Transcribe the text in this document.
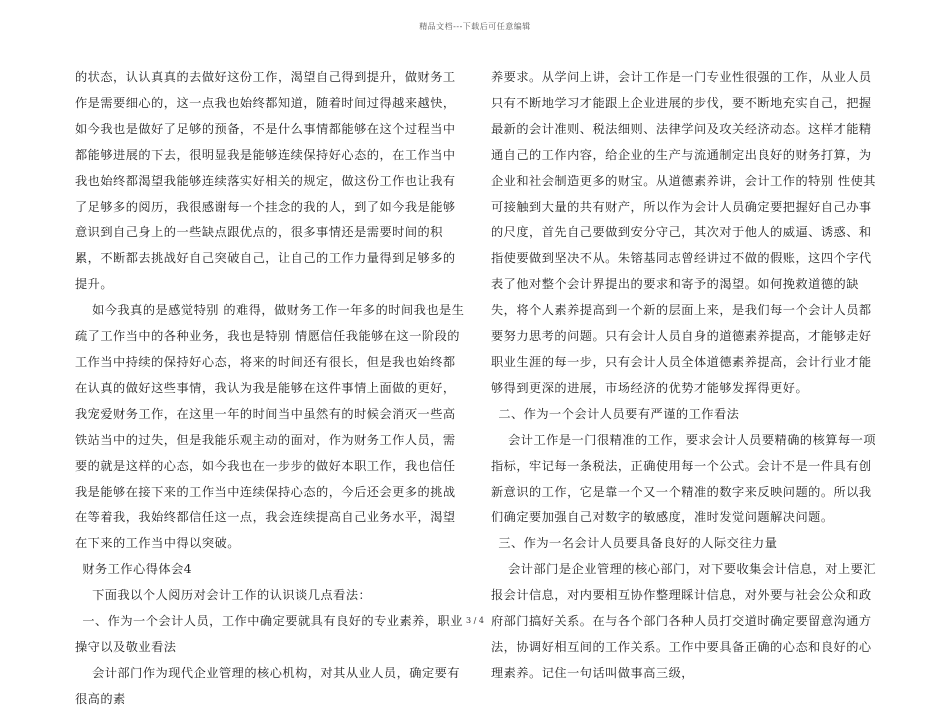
精品文档---下载后可任意编辑

的状态，认认真真的去做好这份工作，渴望自己得到提升，做财务工作是需要细心的，这一点我也始终都知道，随着时间过得越来越快，如今我也是做好了足够的预备，不是什么事情都能够在这个过程当中都能够进展的下去，很明显我是能够连续保持好心态的，在工作当中我也始终都渴望我能够连续落实好相关的规定，做这份工作也让我有了足够多的阅历，我很感谢每一个挂念的我的人，到了如今我是能够意识到自己身上的一些缺点跟优点的，很多事情还是需要时间的积累，不断都去挑战好自己突破自己，让自己的工作力量得到足够多的提升。

如今我真的是感觉特别 的难得，做财务工作一年多的时间我也是生疏了工作当中的各种业务，我也是特别 情愿信任我能够在这一阶段的工作当中持续的保持好心态，将来的时间还有很长，但是我也始终都在认真的做好这些事情，我认为我是能够在这件事情上面做的更好，我宠爱财务工作，在这里一年的时间当中虽然有的时候会消灭一些高铁站当中的过失，但是我能乐观主动的面对，作为财务工作人员，需要的就是这样的心态，如今我也在一步步的做好本职工作，我也信任我是能够在接下来的工作当中连续保持心态的，今后还会更多的挑战在等着我，我始终都信任这一点，我会连续提高自己业务水平，渴望在下来的工作当中得以突破。

财务工作心得体会4

下面我以个人阅历对会计工作的认识谈几点看法：

一、作为一个会计人员，工作中确定要就具有良好的专业素养，职业操守以及敬业看法

会计部门作为现代企业管理的核心机构，对其从业人员，确定要有很高的素

养要求。从学问上讲，会计工作是一门专业性很强的工作，从业人员只有不断地学习才能跟上企业进展的步伐，要不断地充实自己，把握最新的会计准则、税法细则、法律学问及攻关经济动态。这样才能精通自己的工作内容，给企业的生产与流通制定出良好的财务打算，为企业和社会制造更多的财宝。从道德素养讲，会计工作的特别 性使其可接触到大量的共有财产，所以作为会计人员确定要把握好自己办事的尺度，首先自己要做到安分守己，其次对于他人的威逼、诱惑、和指使要做到坚决不从。朱镕基同志曾经讲过不做的假账，这四个字代表了他对整个会计界提出的要求和寄予的渴望。如何挽救道德的缺失，将个人素养提高到一个新的层面上来，是我们每一个会计人员都要努力思考的问题。只有会计人员自身的道德素养提高，才能够走好职业生涯的每一步，只有会计人员全体道德素养提高，会计行业才能够得到更深的进展，市场经济的优势才能够发挥得更好。

二、作为一个会计人员要有严谨的工作看法

会计工作是一门很精准的工作，要求会计人员要精确的核算每一项指标，牢记每一条税法，正确使用每一个公式。会计不是一件具有创新意识的工作，它是靠一个又一个精准的数字来反映问题的。所以我们确定要加强自己对数字的敏感度，准时发觉问题解决问题。

三、作为一名会计人员要具备良好的人际交往力量

会计部门是企业管理的核心部门，对下要收集会计信息，对上要汇报会计信息，对内要相互协作整理睬计信息，对外要与社会公众和政府部门搞好关系。在与各个部门各种人员打交道时确定要留意沟通方法，协调好相互间的工作关系。工作中要具备正确的心态和良好的心理素养。记住一句话叫做事高三级，

3 / 4
